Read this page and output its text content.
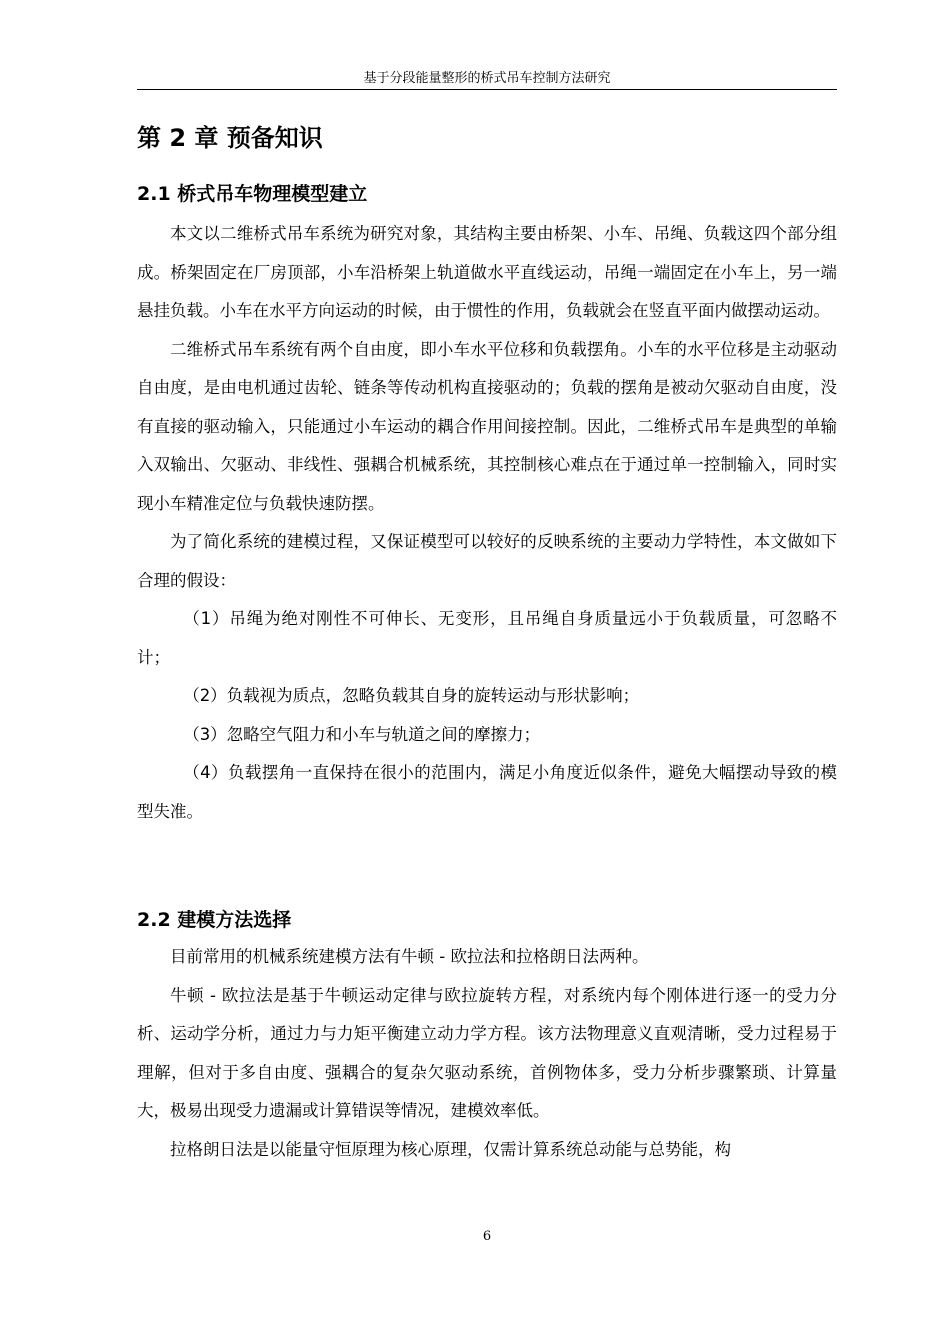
基于分段能量整形的桥式吊车控制方法研究
第 2 章 预备知识
2.1 桥式吊车物理模型建立

本文以二维桥式吊车系统为研究对象，其结构主要由桥架、小车、吊绳、负载这四个部分组成。桥架固定在厂房顶部，小车沿桥架上轨道做水平直线运动，吊绳一端固定在小车上，另一端悬挂负载。小车在水平方向运动的时候，由于惯性的作用，负载就会在竖直平面内做摆动运动。

二维桥式吊车系统有两个自由度，即小车水平位移和负载摆角。小车的水平位移是主动驱动自由度，是由电机通过齿轮、链条等传动机构直接驱动的；负载的摆角是被动欠驱动自由度，没有直接的驱动输入，只能通过小车运动的耦合作用间接控制。因此，二维桥式吊车是典型的单输入双输出、欠驱动、非线性、强耦合机械系统，其控制核心难点在于通过单一控制输入，同时实现小车精准定位与负载快速防摆。

为了简化系统的建模过程，又保证模型可以较好的反映系统的主要动力学特性，本文做如下合理的假设：

（1）吊绳为绝对刚性不可伸长、无变形，且吊绳自身质量远小于负载质量，可忽略不计；

（2）负载视为质点，忽略负载其自身的旋转运动与形状影响；

（3）忽略空气阻力和小车与轨道之间的摩擦力；

（4）负载摆角一直保持在很小的范围内，满足小角度近似条件，避免大幅摆动导致的模型失准。

2.2 建模方法选择

目前常用的机械系统建模方法有牛顿 - 欧拉法和拉格朗日法两种。

牛顿 - 欧拉法是基于牛顿运动定律与欧拉旋转方程，对系统内每个刚体进行逐一的受力分析、运动学分析，通过力与力矩平衡建立动力学方程。该方法物理意义直观清晰，受力过程易于理解，但对于多自由度、强耦合的复杂欠驱动系统，首例物体多，受力分析步骤繁琐、计算量大，极易出现受力遗漏或计算错误等情况，建模效率低。

拉格朗日法是以能量守恒原理为核心原理，仅需计算系统总动能与总势能，构

6
